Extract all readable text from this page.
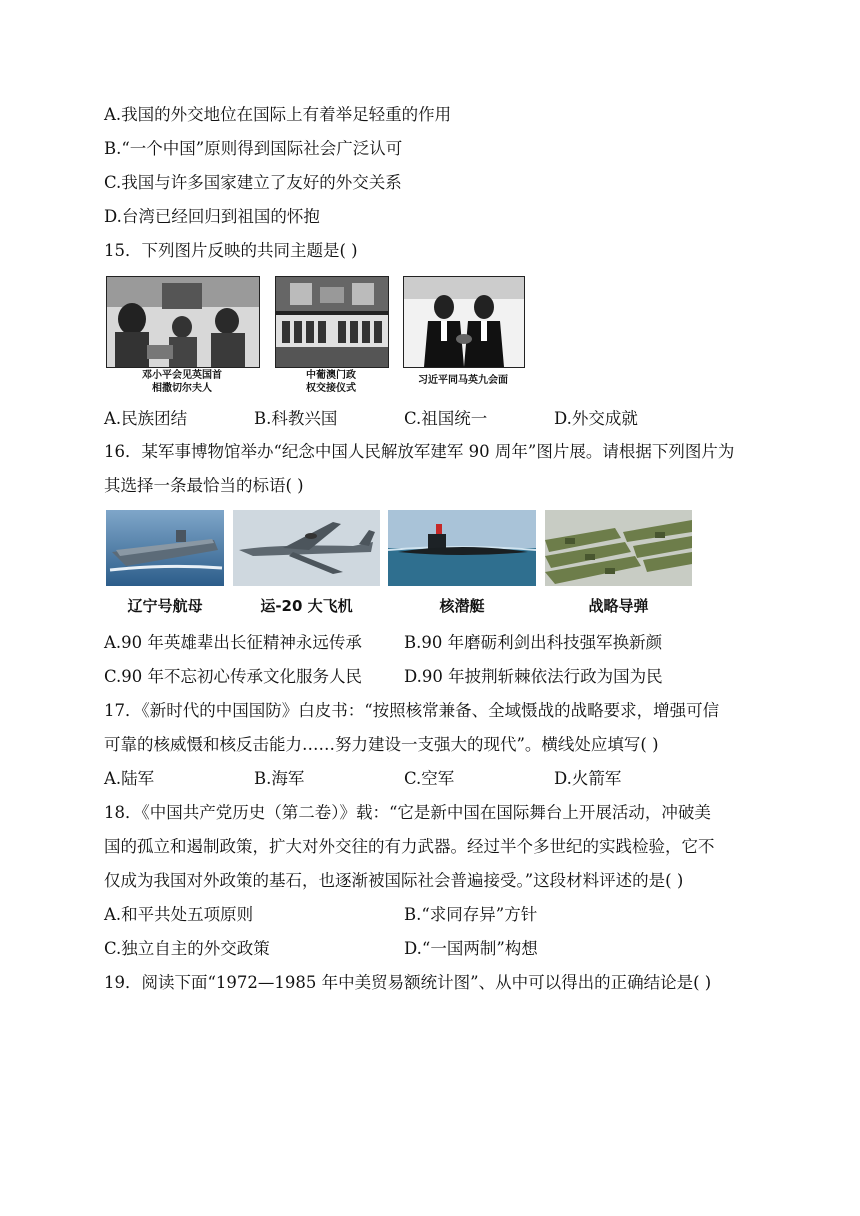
A.我国的外交地位在国际上有着举足轻重的作用
B.“一个中国”原则得到国际社会广泛认可
C.我国与许多国家建立了友好的外交关系
D.台湾已经回归到祖国的怀抱
15．下列图片反映的共同主题是( )
邓小平会见英国首
相撒切尔夫人
中葡澳门政
权交接仪式
习近平同马英九会面
A.民族团结	B.科教兴国	C.祖国统一	D.外交成就
16．某军事博物馆举办“纪念中国人民解放军建军 90 周年”图片展。请根据下列图片为
其选择一条最恰当的标语( )
辽宁号航母	运-20 大飞机	核潜艇	战略导弹
A.90 年英雄辈出长征精神永远传承	B.90 年磨砺利剑出科技强军换新颜
C.90 年不忘初心传承文化服务人民	D.90 年披荆斩棘依法行政为国为民
17．《新时代的中国国防》白皮书：“按照核常兼备、全域慑战的战略要求，增强可信
可靠的核威慑和核反击能力……努力建设一支强大的现代”。横线处应填写( )
A.陆军	B.海军	C.空军	D.火箭军
18．《中国共产党历史（第二卷）》载：“它是新中国在国际舞台上开展活动，冲破美
国的孤立和遏制政策，扩大对外交往的有力武器。经过半个多世纪的实践检验，它不
仅成为我国对外政策的基石，也逐渐被国际社会普遍接受。”这段材料评述的是( )
A.和平共处五项原则	B.“求同存异”方针
C.独立自主的外交政策	D.“一国两制”构想
19．阅读下面“1972—1985 年中美贸易额统计图”、从中可以得出的正确结论是( )
